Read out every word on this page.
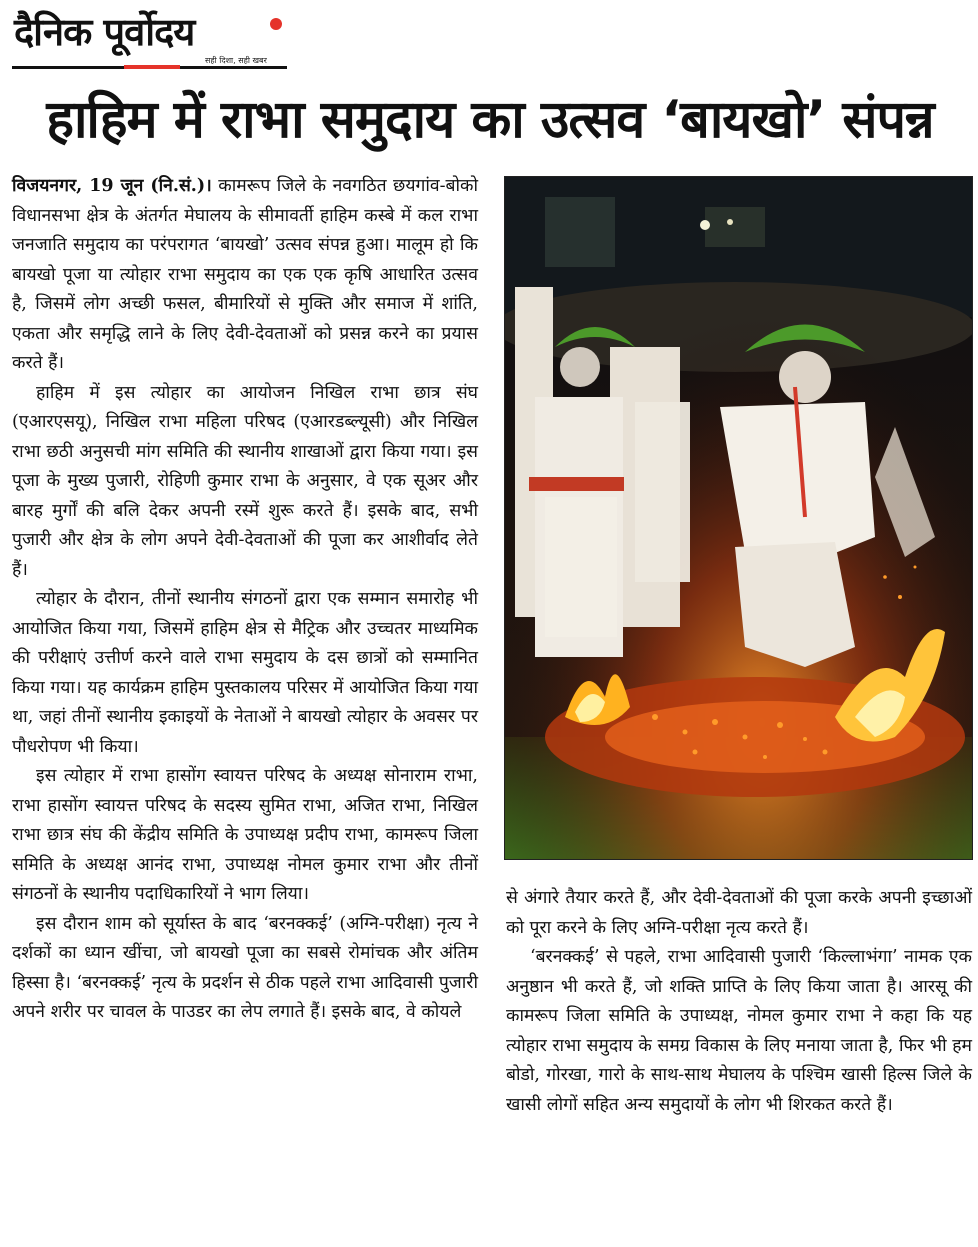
दैनिक पूर्वोदय
सही दिशा, सही खबर
हाहिम में राभा समुदाय का उत्सव ‘बायखो’ संपन्न

विजयनगर, 19 जून (नि.सं.)। कामरूप जिले के नवगठित छयगांव-बोको विधानसभा क्षेत्र के अंतर्गत मेघालय के सीमावर्ती हाहिम कस्बे में कल राभा जनजाति समुदाय का परंपरागत ‘बायखो’ उत्सव संपन्न हुआ। मालूम हो कि बायखो पूजा या त्योहार राभा समुदाय का एक एक कृषि आधारित उत्सव है, जिसमें लोग अच्छी फसल, बीमारियों से मुक्ति और समाज में शांति, एकता और समृद्धि लाने के लिए देवी-देवताओं को प्रसन्न करने का प्रयास करते हैं।

हाहिम में इस त्योहार का आयोजन निखिल राभा छात्र संघ (एआरएसयू), निखिल राभा महिला परिषद (एआरडब्ल्यूसी) और निखिल राभा छठी अनुसची मांग समिति की स्थानीय शाखाओं द्वारा किया गया। इस पूजा के मुख्य पुजारी, रोहिणी कुमार राभा के अनुसार, वे एक सूअर और बारह मुर्गों की बलि देकर अपनी रस्में शुरू करते हैं। इसके बाद, सभी पुजारी और क्षेत्र के लोग अपने देवी-देवताओं की पूजा कर आशीर्वाद लेते हैं।

त्योहार के दौरान, तीनों स्थानीय संगठनों द्वारा एक सम्मान समारोह भी आयोजित किया गया, जिसमें हाहिम क्षेत्र से मैट्रिक और उच्चतर माध्यमिक की परीक्षाएं उत्तीर्ण करने वाले राभा समुदाय के दस छात्रों को सम्मानित किया गया। यह कार्यक्रम हाहिम पुस्तकालय परिसर में आयोजित किया गया था, जहां तीनों स्थानीय इकाइयों के नेताओं ने बायखो त्योहार के अवसर पर पौधरोपण भी किया।

इस त्योहार में राभा हासोंग स्वायत्त परिषद के अध्यक्ष सोनाराम राभा, राभा हासोंग स्वायत्त परिषद के सदस्य सुमित राभा, अजित राभा, निखिल राभा छात्र संघ की केंद्रीय समिति के उपाध्यक्ष प्रदीप राभा, कामरूप जिला समिति के अध्यक्ष आनंद राभा, उपाध्यक्ष नोमल कुमार राभा और तीनों संगठनों के स्थानीय पदाधिकारियों ने भाग लिया।

इस दौरान शाम को सूर्यास्त के बाद ‘बरनक्कई’ (अग्नि-परीक्षा) नृत्य ने दर्शकों का ध्यान खींचा, जो बायखो पूजा का सबसे रोमांचक और अंतिम हिस्सा है। ‘बरनक्कई’ नृत्य के प्रदर्शन से ठीक पहले राभा आदिवासी पुजारी अपने शरीर पर चावल के पाउडर का लेप लगाते हैं। इसके बाद, वे कोयले

से अंगारे तैयार करते हैं, और देवी-देवताओं की पूजा करके अपनी इच्छाओं को पूरा करने के लिए अग्नि-परीक्षा नृत्य करते हैं।

‘बरनक्कई’ से पहले, राभा आदिवासी पुजारी ‘किल्लाभंगा’ नामक एक अनुष्ठान भी करते हैं, जो शक्ति प्राप्ति के लिए किया जाता है। आरसू की कामरूप जिला समिति के उपाध्यक्ष, नोमल कुमार राभा ने कहा कि यह त्योहार राभा समुदाय के समग्र विकास के लिए मनाया जाता है, फिर भी हम बोडो, गोरखा, गारो के साथ-साथ मेघालय के पश्चिम खासी हिल्स जिले के खासी लोगों सहित अन्य समुदायों के लोग भी शिरकत करते हैं।
